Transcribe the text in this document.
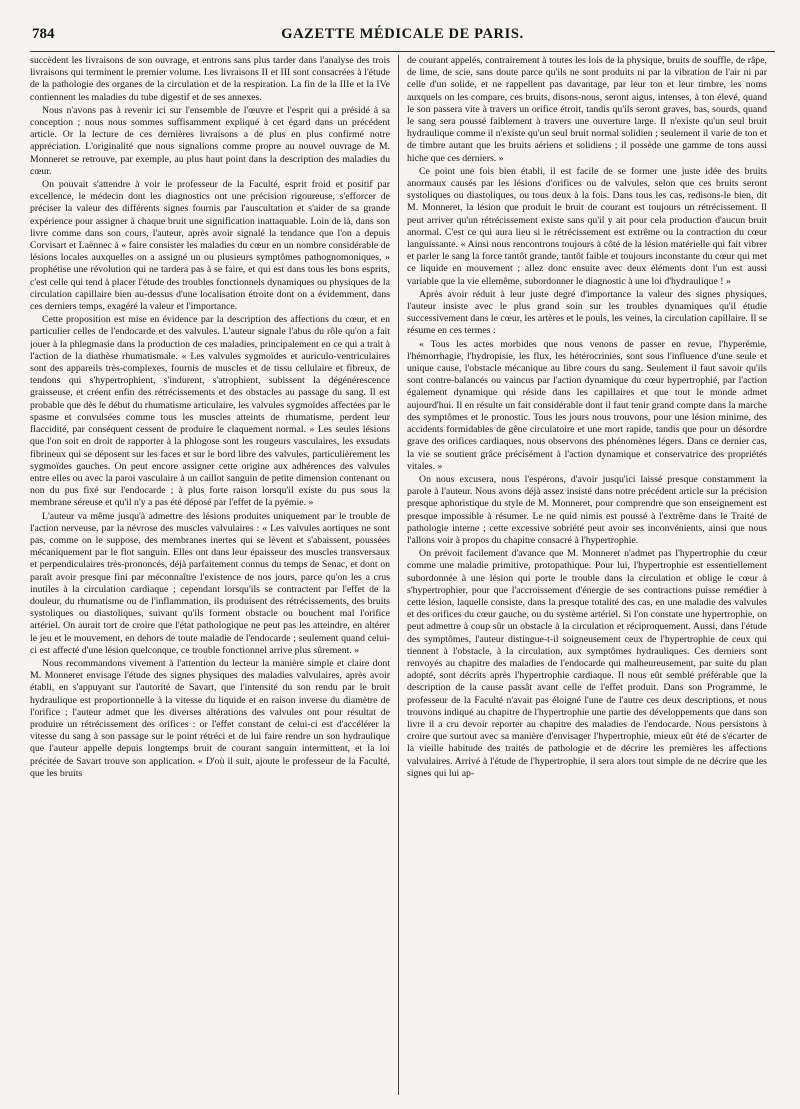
784	GAZETTE MÉDICALE DE PARIS.

succèdent les livraisons de son ouvrage, et entrons sans plus tarder dans l'analyse des trois livraisons qui terminent le premier volume. Les livraisons II et III sont consacrées à l'étude de la pathologie des organes de la circulation et de la respiration. La fin de la IIIe et la IVe contiennent les maladies du tube digestif et de ses annexes.

Nous n'avons pas à revenir ici sur l'ensemble de l'œuvre et l'esprit qui a présidé à sa conception ; nous nous sommes suffisamment expliqué à cet égard dans un précédent article. Or la lecture de ces dernières livraisons a de plus en plus confirmé notre appréciation. L'originalité que nous signalions comme propre au nouvel ouvrage de M. Monneret se retrouve, par exemple, au plus haut point dans la description des maladies du cœur.

On pouvait s'attendre à voir le professeur de la Faculté, esprit froid et positif par excellence, le médecin dont les diagnostics ont une précision rigoureuse, s'efforcer de préciser la valeur des différents signes fournis par l'auscultation et s'aider de sa grande expérience pour assigner à chaque bruit une signification inattaquable. Loin de là, dans son livre comme dans son cours, l'auteur, après avoir signalé la tendance que l'on a depuis Corvisart et Laënnec à « faire consister les maladies du cœur en un nombre considérable de lésions locales auxquelles on a assigné un ou plusieurs symptômes pathognomoniques, » prophétise une révolution qui ne tardera pas à se faire, et qui est dans tous les bons esprits, c'est celle qui tend à placer l'étude des troubles fonctionnels dynamiques ou physiques de la circulation capillaire bien au-dessus d'une localisation étroite dont on a évidemment, dans ces derniers temps, exagéré la valeur et l'importance.

Cette proposition est mise en évidence par la description des affections du cœur, et en particulier celles de l'endocarde et des valvules. L'auteur signale l'abus du rôle qu'on a fait jouer à la phlegmasie dans la production de ces maladies, principalement en ce qui a trait à l'action de la diathèse rhumatismale. « Les valvules sygmoïdes et auriculo-ventriculaires sont des appareils très-complexes, fournis de muscles et de tissu cellulaire et fibreux, de tendons qui s'hypertrophient, s'indurent, s'atrophient, subissent la dégénérescence graisseuse, et créent enfin des rétrécissements et des obstacles au passage du sang. Il est probable que dès le début du rhumatisme articulaire, les valvules sygmoïdes affectées par le spasme et convulsées comme tous les muscles atteints de rhumatisme, perdent leur flaccidité, par conséquent cessent de produire le claquement normal. » Les seules lésions que l'on soit en droit de rapporter à la phlogose sont les rougeurs vasculaires, les exsudats fibrineux qui se déposent sur les faces et sur le bord libre des valvules, particulièrement les sygmoïdes gauches. On peut encore assigner cette origine aux adhérences des valvules entre elles ou avec la paroi vasculaire à un caillot sanguin de petite dimension contenant ou non du pus fixé sur l'endocarde ; à plus forte raison lorsqu'il existe du pus sous la membrane séreuse et qu'il n'y a pas été déposé par l'effet de la pyémie. »

L'auteur va même jusqu'à admettre des lésions produites uniquement par le trouble de l'action nerveuse, par la névrose des muscles valvulaires : « Les valvules aortiques ne sont pas, comme on le suppose, des membranes inertes qui se lèvent et s'abaissent, poussées mécaniquement par le flot sanguin. Elles ont dans leur épaisseur des muscles transversaux et perpendiculaires très-prononcés, déjà parfaitement connus du temps de Senac, et dont on paraît avoir presque fini par méconnaître l'existence de nos jours, parce qu'on les a crus inutiles à la circulation cardiaque ; cependant lorsqu'ils se contractent par l'effet de la douleur, du rhumatisme ou de l'inflammation, ils produisent des rétrécissements, des bruits systoliques ou diastoliques, suivant qu'ils forment obstacle ou bouchent mal l'orifice artériel. On aurait tort de croire que l'état pathologique ne peut pas les atteindre, en altérer le jeu et le mouvement, en dehors de toute maladie de l'endocarde ; seulement quand celui-ci est affecté d'une lésion quelconque, ce trouble fonctionnel arrive plus sûrement. »

Nous recommandons vivement à l'attention du lecteur la manière simple et claire dont M. Monneret envisage l'étude des signes physiques des maladies valvulaires, après avoir établi, en s'appuyant sur l'autorité de Savart, que l'intensité du son rendu par le bruit hydraulique est proportionnelle à la vitesse du liquide et en raison inverse du diamètre de l'orifice ; l'auteur admet que les diverses altérations des valvules ont pour résultat de produire un rétrécissement des orifices : or l'effet constant de celui-ci est d'accélérer la vitesse du sang à son passage sur le point rétréci et de lui faire rendre un son hydraulique que l'auteur appelle depuis longtemps bruit de courant sanguin intermittent, et la loi précitée de Savart trouve son application. « D'où il suit, ajoute le professeur de la Faculté, que les bruits

de courant appelés, contrairement à toutes les lois de la physique, bruits de souffle, de râpe, de lime, de scie, sans doute parce qu'ils ne sont produits ni par la vibration de l'air ni par celle d'un solide, et ne rappellent pas davantage, par leur ton et leur timbre, les noms auxquels on les compare, ces bruits, disons-nous, seront aigus, intenses, à ton élevé, quand le son passera vite à travers un orifice étroit, tandis qu'ils seront graves, bas, sourds, quand le sang sera poussé faiblement à travers une ouverture large. Il n'existe qu'un seul bruit hydraulique comme il n'existe qu'un seul bruit normal solidien ; seulement il varie de ton et de timbre autant que les bruits aériens et solidiens ; il possède une gamme de tons aussi hiche que ces derniers. »

Ce point une fois bien établi, il est facile de se former une juste idée des bruits anormaux causés par les lésions d'orifices ou de valvules, selon que ces bruits seront systoliques ou diastoliques, ou tous deux à la fois. Dans tous les cas, redisons-le bien, dit M. Monneret, la lésion que produit le bruit de courant est toujours un rétrécissement. Il peut arriver qu'un rétrécissement existe sans qu'il y ait pour cela production d'aucun bruit anormal. C'est ce qui aura lieu si le rétrécissement est extrême ou la contraction du cœur languissante. « Ainsi nous rencontrons toujours à côté de la lésion matérielle qui fait vibrer et parler le sang la force tantôt grande, tantôt faible et toujours inconstante du cœur qui met ce liquide en mouvement ; allez donc ensuite avec deux éléments dont l'un est aussi variable que la vie ellemême, subordonner le diagnostic à une loi d'hydraulique ! »

Après avoir réduit à leur juste degré d'importance la valeur des signes physiques, l'auteur insiste avec le plus grand soin sur les troubles dynamiques qu'il étudie successivement dans le cœur, les artères et le pouls, les veines, la circulation capillaire. Il se résume en ces termes :

« Tous les actes morbides que nous venons de passer en revue, l'hyperémie, l'hémorrhagie, l'hydropisie, les flux, les hétérocrinies, sont sous l'influence d'une seule et unique cause, l'obstacle mécanique au libre cours du sang. Seulement il faut savoir qu'ils sont contre-balancés ou vaincus par l'action dynamique du cœur hypertrophié, par l'action également dynamique qui réside dans les capillaires et que tout le monde admet aujourd'hui. Il en résulte un fait considérable dont il faut tenir grand compte dans la marche des symptômes et le pronostic. Tous les jours nous trouvons, pour une lésion minime, des accidents formidables de gêne circulatoire et une mort rapide, tandis que pour un désordre grave des orifices cardiaques, nous observons des phénomènes légers. Dans ce dernier cas, la vie se soutient grâce précisément à l'action dynamique et conservatrice des propriétés vitales. »

On nous excusera, nous l'espérons, d'avoir jusqu'ici laissé presque constamment la parole à l'auteur. Nous avons déjà assez insisté dans notre précédent article sur la précision presque aphoristique du style de M. Monneret, pour comprendre que son enseignement est presque impossible à résumer. Le ne quid nimis est poussé à l'extrême dans le Traité de pathologie interne ; cette excessive sobriété peut avoir ses inconvénients, ainsi que nous l'allons voir à propos du chapitre consacré à l'hypertrophie.

On prévoit facilement d'avance que M. Monneret n'admet pas l'hypertrophie du cœur comme une maladie primitive, protopathique. Pour lui, l'hypertrophie est essentiellement subordonnée à une lésion qui porte le trouble dans la circulation et oblige le cœur à s'hypertrophier, pour que l'accroissement d'énergie de ses contractions puisse remédier à cette lésion, laquelle consiste, dans la presque totalité des cas, en une maladie des valvules et des orifices du cœur gauche, ou du système artériel. Si l'on constate une hypertrophie, on peut admettre à coup sûr un obstacle à la circulation et réciproquement. Aussi, dans l'étude des symptômes, l'auteur distingue-t-il soigneusement ceux de l'hypertrophie de ceux qui tiennent à l'obstacle, à la circulation, aux symptômes hydrauliques. Ces derniers sont renvoyés au chapitre des maladies de l'endocarde qui malheureusement, par suite du plan adopté, sont décrits après l'hypertrophie cardiaque. Il nous eût semblé préférable que la description de la cause passât avant celle de l'effet produit. Dans son Programme, le professeur de la Faculté n'avait pas éloigné l'une de l'autre ces deux descriptions, et nous trouvons indiqué au chapitre de l'hypertrophie une partie des développements que dans son livre il a cru devoir reporter au chapitre des maladies de l'endocarde. Nous persistons à croire que surtout avec sa manière d'envisager l'hypertrophie, mieux eût été de s'écarter de la vieille habitude des traités de pathologie et de décrire les premières les affections valvulaires. Arrivé à l'étude de l'hypertrophie, il sera alors tout simple de ne décrire que les signes qui lui ap-
